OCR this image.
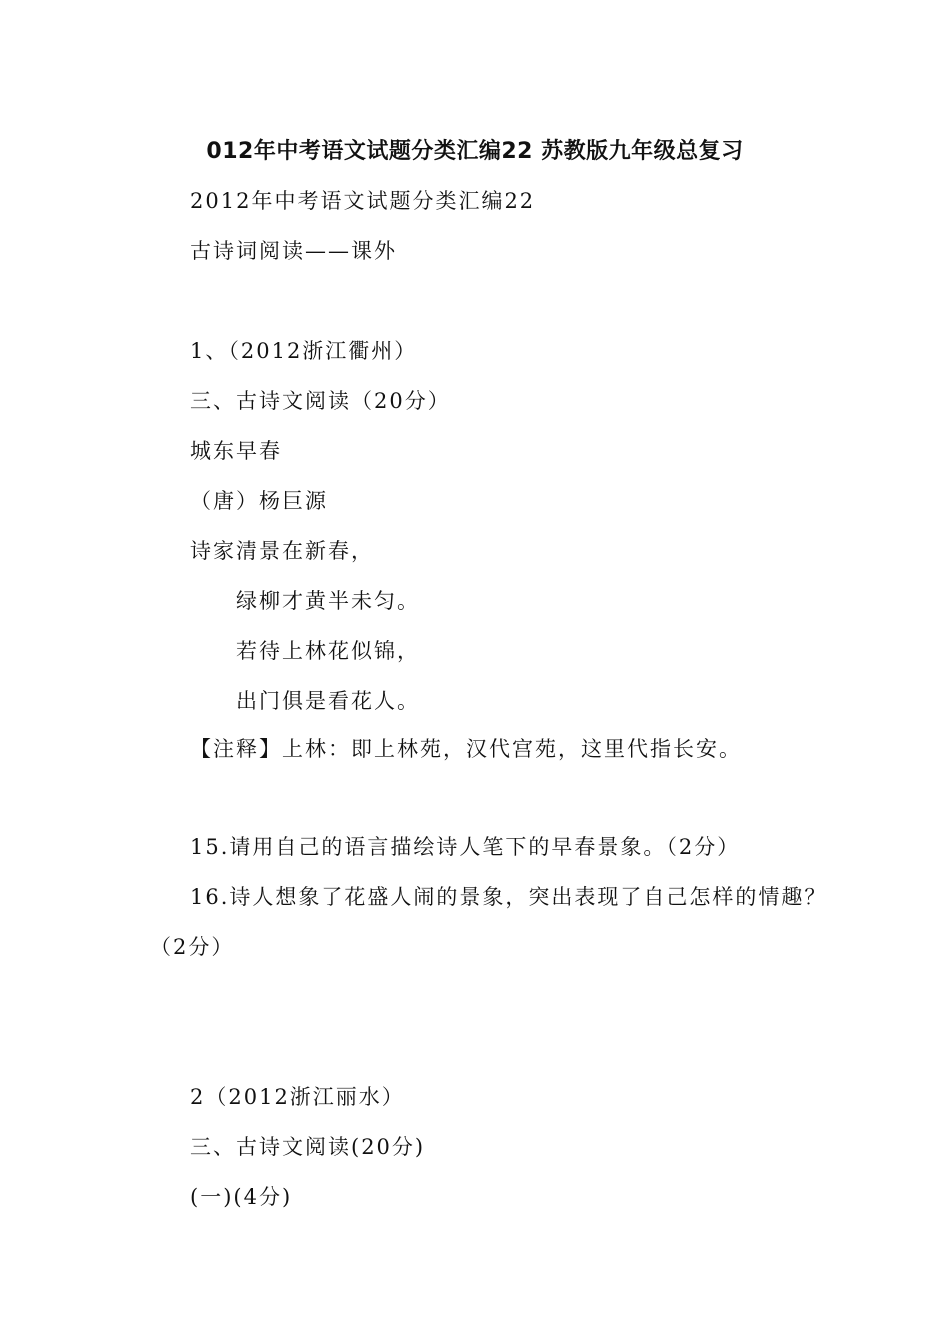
012年中考语文试题分类汇编22 苏教版九年级总复习
2012年中考语文试题分类汇编22
古诗词阅读——课外
1、（2012浙江衢州）
三、古诗文阅读（20分）
城东早春
（唐）杨巨源
诗家清景在新春，
绿柳才黄半未匀。
若待上林花似锦，
出门俱是看花人。
【注释】上林：即上林苑，汉代宫苑，这里代指长安。
15.请用自己的语言描绘诗人笔下的早春景象。（2分）
16.诗人想象了花盛人闹的景象，突出表现了自己怎样的情趣？
（2分）
2（2012浙江丽水）
三、古诗文阅读(20分)
(一)(4分)
